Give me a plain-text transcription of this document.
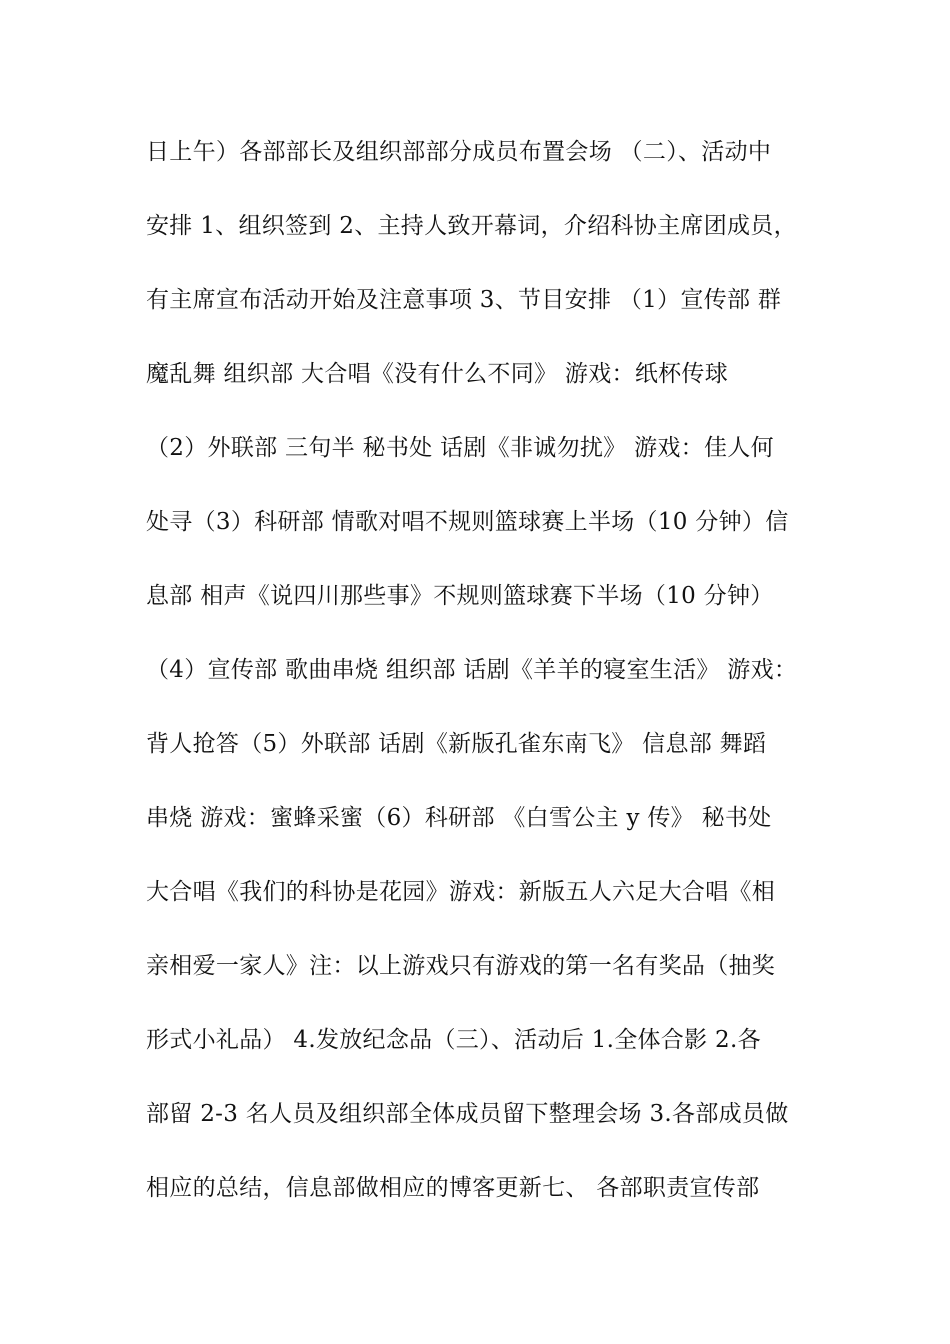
日上午）各部部长及组织部部分成员布置会场 （二）、活动中
安排 1、组织签到 2、主持人致开幕词，介绍科协主席团成员，
有主席宣布活动开始及注意事项 3、节目安排 （1）宣传部 群
魔乱舞 组织部 大合唱《没有什么不同》 游戏：纸杯传球
（2）外联部 三句半 秘书处 话剧《非诚勿扰》 游戏：佳人何
处寻（3）科研部 情歌对唱不规则篮球赛上半场（10 分钟）信
息部 相声《说四川那些事》不规则篮球赛下半场（10 分钟）
（4）宣传部 歌曲串烧 组织部 话剧《羊羊的寝室生活》 游戏：
背人抢答（5）外联部 话剧《新版孔雀东南飞》 信息部 舞蹈
串烧 游戏：蜜蜂采蜜（6）科研部 《白雪公主 y 传》 秘书处
大合唱《我们的科协是花园》游戏：新版五人六足大合唱《相
亲相爱一家人》注：以上游戏只有游戏的第一名有奖品（抽奖
形式小礼品） 4.发放纪念品（三）、活动后 1.全体合影 2.各
部留 2-3 名人员及组织部全体成员留下整理会场 3.各部成员做
相应的总结，信息部做相应的博客更新七、 各部职责宣传部
